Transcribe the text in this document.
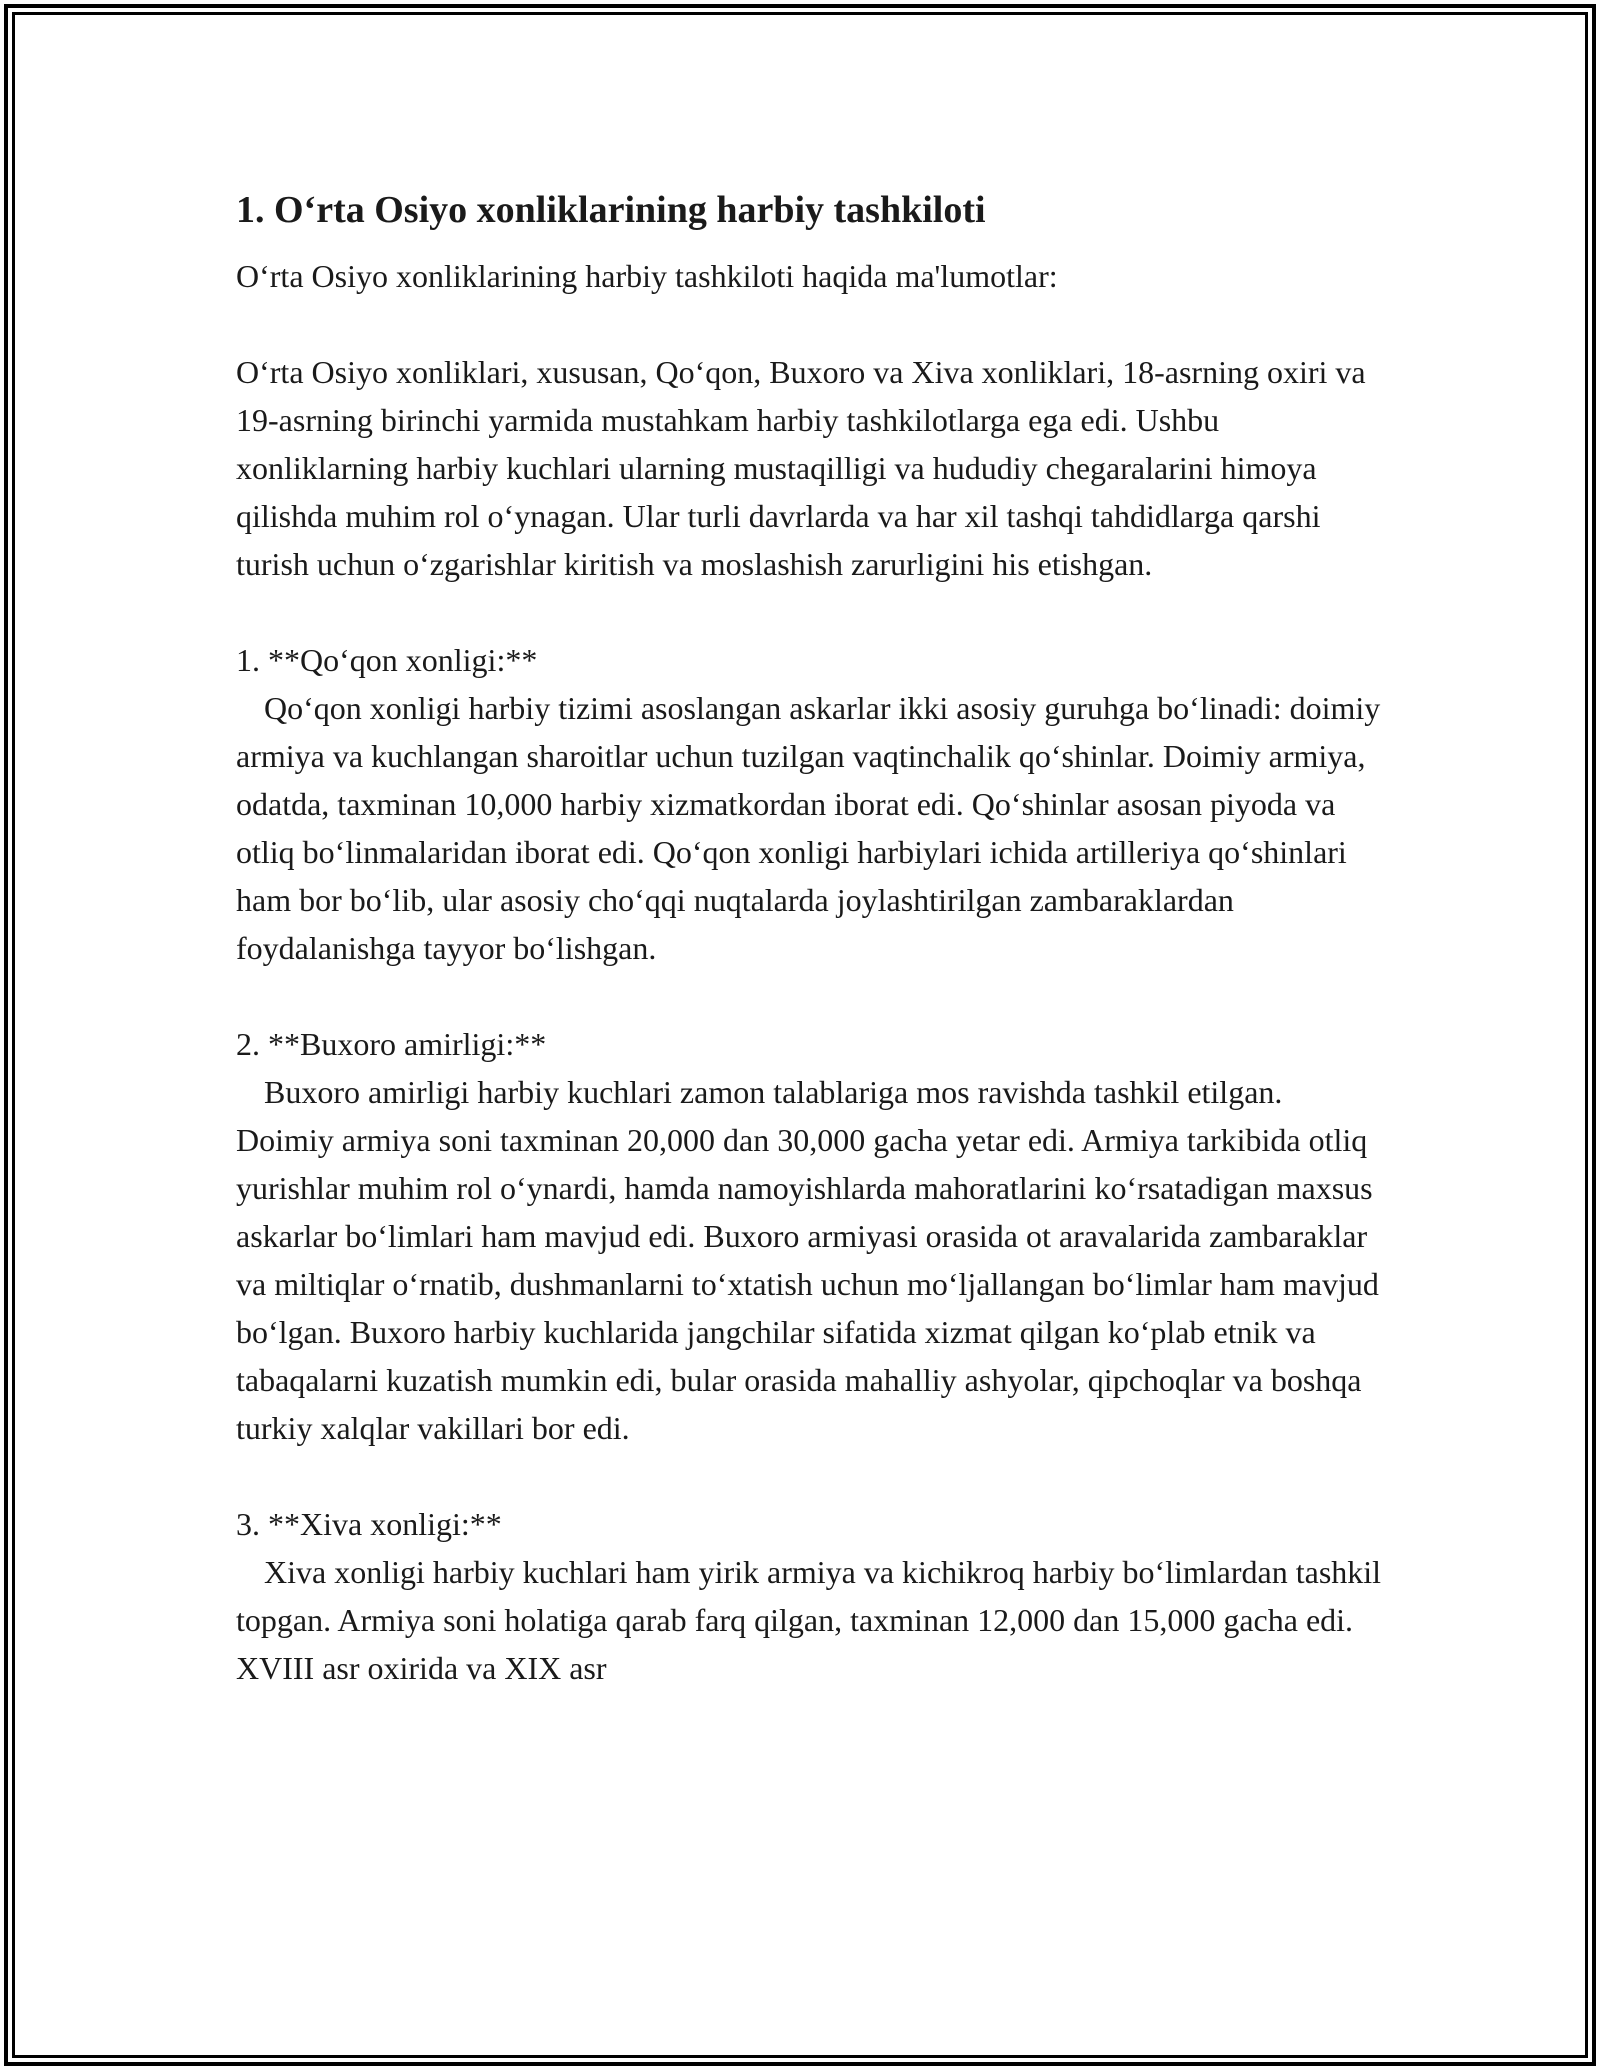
1. O‘rta Osiyo xonliklarining harbiy tashkiloti

O‘rta Osiyo xonliklarining harbiy tashkiloti haqida ma'lumotlar:

O‘rta Osiyo xonliklari, xususan, Qo‘qon, Buxoro va Xiva xonliklari, 18-asrning oxiri va 19-asrning birinchi yarmida mustahkam harbiy tashkilotlarga ega edi. Ushbu xonliklarning harbiy kuchlari ularning mustaqilligi va hududiy chegaralarini himoya qilishda muhim rol o‘ynagan. Ular turli davrlarda va har xil tashqi tahdidlarga qarshi turish uchun o‘zgarishlar kiritish va moslashish zarurligini his etishgan.

1. **Qo‘qon xonligi:**

Qo‘qon xonligi harbiy tizimi asoslangan askarlar ikki asosiy guruhga bo‘linadi: doimiy armiya va kuchlangan sharoitlar uchun tuzilgan vaqtinchalik qo‘shinlar. Doimiy armiya, odatda, taxminan 10,000 harbiy xizmatkordan iborat edi. Qo‘shinlar asosan piyoda va otliq bo‘linmalaridan iborat edi. Qo‘qon xonligi harbiylari ichida artilleriya qo‘shinlari ham bor bo‘lib, ular asosiy cho‘qqi nuqtalarda joylashtirilgan zambaraklardan foydalanishga tayyor bo‘lishgan.

2. **Buxoro amirligi:**

Buxoro amirligi harbiy kuchlari zamon talablariga mos ravishda tashkil etilgan. Doimiy armiya soni taxminan 20,000 dan 30,000 gacha yetar edi. Armiya tarkibida otliq yurishlar muhim rol o‘ynardi, hamda namoyishlarda mahoratlarini ko‘rsatadigan maxsus askarlar bo‘limlari ham mavjud edi. Buxoro armiyasi orasida ot aravalarida zambaraklar va miltiqlar o‘rnatib, dushmanlarni to‘xtatish uchun mo‘ljallangan bo‘limlar ham mavjud bo‘lgan. Buxoro harbiy kuchlarida jangchilar sifatida xizmat qilgan ko‘plab etnik va tabaqalarni kuzatish mumkin edi, bular orasida mahalliy ashyolar, qipchoqlar va boshqa turkiy xalqlar vakillari bor edi.

3. **Xiva xonligi:**

Xiva xonligi harbiy kuchlari ham yirik armiya va kichikroq harbiy bo‘limlardan tashkil topgan. Armiya soni holatiga qarab farq qilgan, taxminan 12,000 dan 15,000 gacha edi. XVIII asr oxirida va XIX asr
